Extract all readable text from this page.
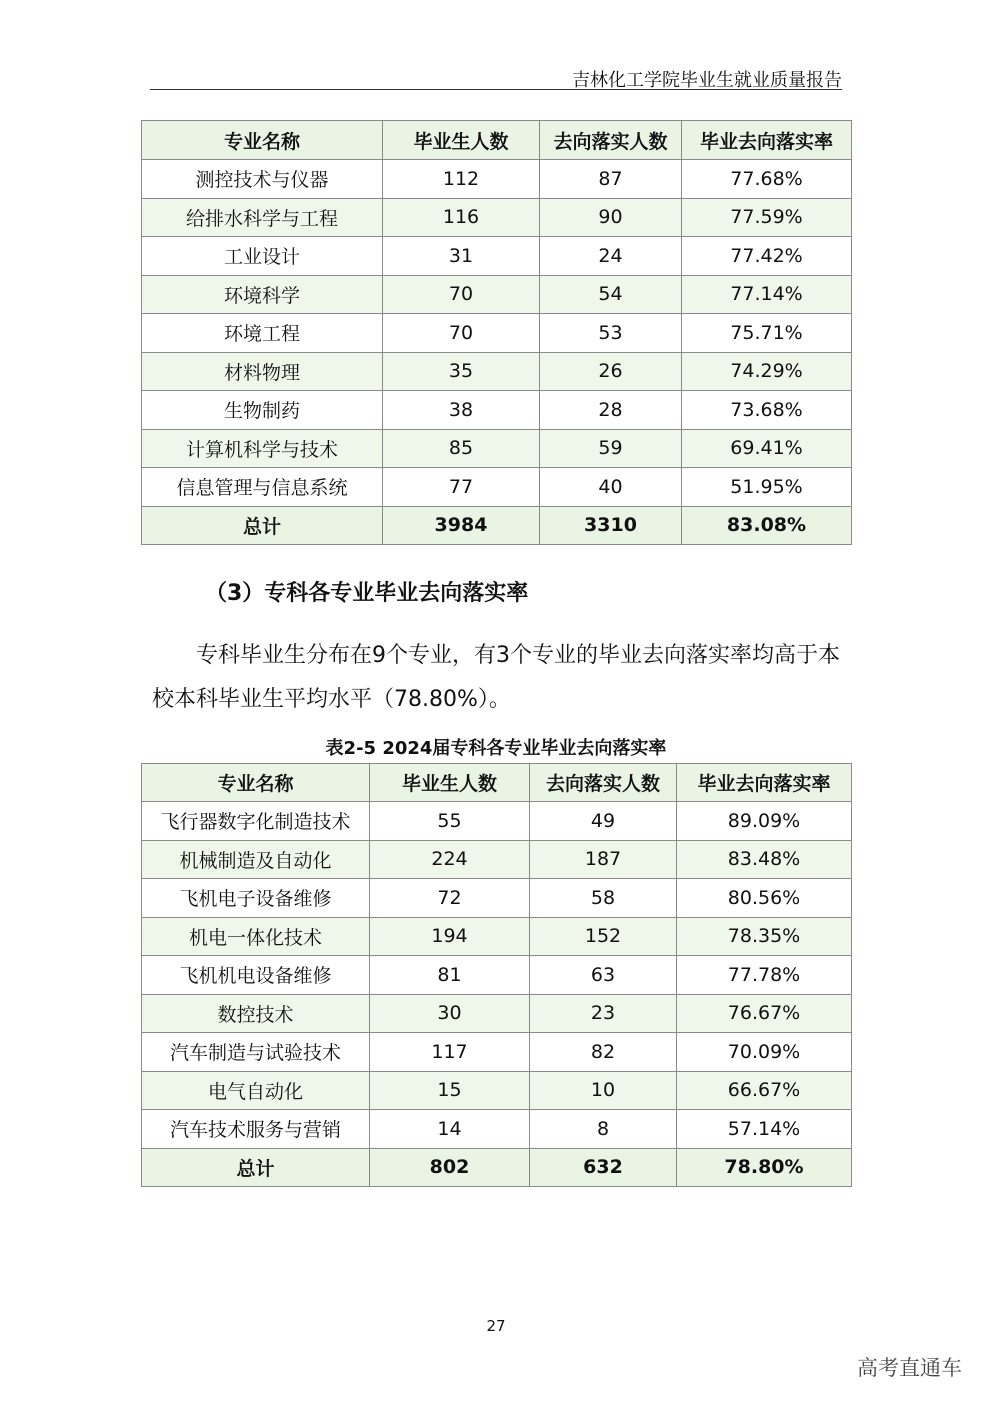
吉林化工学院毕业生就业质量报告
专业名称	毕业生人数	去向落实人数	毕业去向落实率
测控技术与仪器	112	87	77.68%
给排水科学与工程	116	90	77.59%
工业设计	31	24	77.42%
环境科学	70	54	77.14%
环境工程	70	53	75.71%
材料物理	35	26	74.29%
生物制药	38	28	73.68%
计算机科学与技术	85	59	69.41%
信息管理与信息系统	77	40	51.95%
总计	3984	3310	83.08%
（3）专科各专业毕业去向落实率
专科毕业生分布在9个专业，有3个专业的毕业去向落实率均高于本校本科毕业生平均水平（78.80%）。
表2-5 2024届专科各专业毕业去向落实率
专业名称	毕业生人数	去向落实人数	毕业去向落实率
飞行器数字化制造技术	55	49	89.09%
机械制造及自动化	224	187	83.48%
飞机电子设备维修	72	58	80.56%
机电一体化技术	194	152	78.35%
飞机机电设备维修	81	63	77.78%
数控技术	30	23	76.67%
汽车制造与试验技术	117	82	70.09%
电气自动化	15	10	66.67%
汽车技术服务与营销	14	8	57.14%
总计	802	632	78.80%
27
高考直通车
